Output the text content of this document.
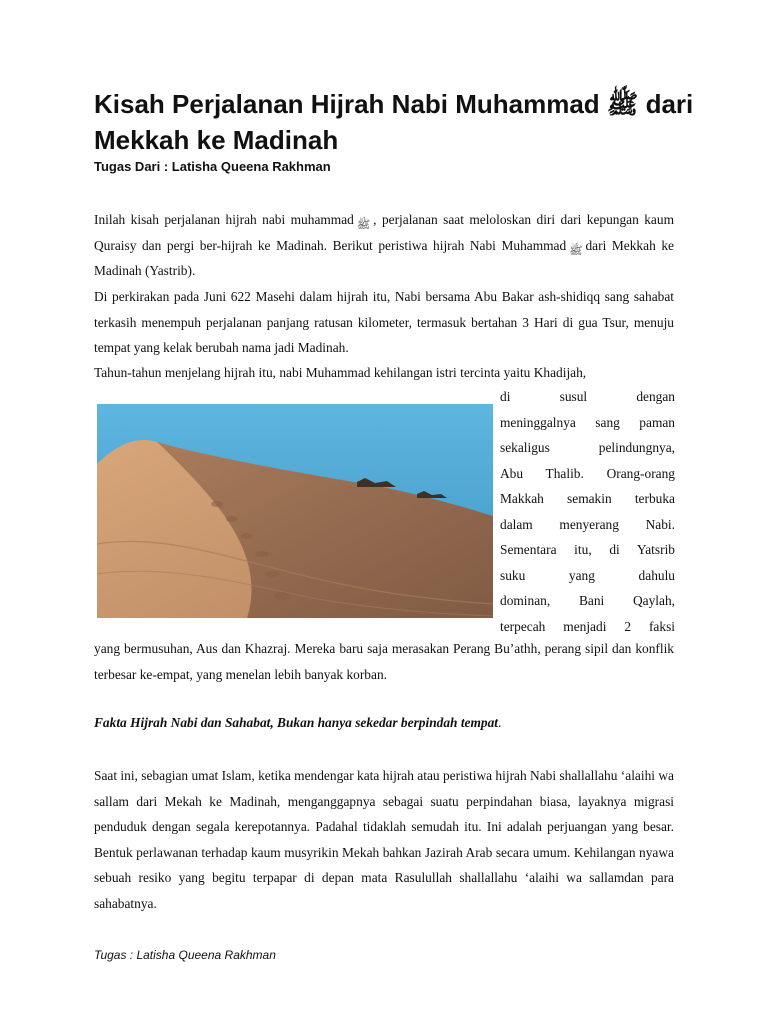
Kisah Perjalanan Hijrah Nabi Muhammad ﷺ dari Mekkah ke Madinah
Tugas Dari : Latisha Queena Rakhman

Inilah kisah perjalanan hijrah nabi muhammad ﷺ , perjalanan saat meloloskan diri dari kepungan kaum Quraisy dan pergi ber-hijrah ke Madinah. Berikut peristiwa hijrah Nabi Muhammad ﷺ dari Mekkah ke Madinah (Yastrib).

Di perkirakan pada Juni 622 Masehi dalam hijrah itu, Nabi bersama Abu Bakar ash-shidiqq sang sahabat terkasih menempuh perjalanan panjang ratusan kilometer, termasuk bertahan 3 Hari di gua Tsur, menuju tempat yang kelak berubah nama jadi Madinah.

Tahun-tahun menjelang hijrah itu, nabi Muhammad kehilangan istri tercinta yaitu Khadijah,

di susul dengan
meninggalnya sang paman
sekaligus pelindungnya,
Abu Thalib. Orang-orang
Makkah semakin terbuka
dalam menyerang Nabi.
Sementara itu, di Yatsrib
suku yang dahulu
dominan, Bani Qaylah,
terpecah menjadi 2 faksi

yang bermusuhan, Aus dan Khazraj. Mereka baru saja merasakan Perang Bu’athh, perang sipil dan konflik terbesar ke-empat, yang menelan lebih banyak korban.

Fakta Hijrah Nabi dan Sahabat, Bukan hanya sekedar berpindah tempat.

Saat ini, sebagian umat Islam, ketika mendengar kata hijrah atau peristiwa hijrah Nabi shallallahu ‘alaihi wa sallam dari Mekah ke Madinah, menganggapnya sebagai suatu perpindahan biasa, layaknya migrasi penduduk dengan segala kerepotannya. Padahal tidaklah semudah itu. Ini adalah perjuangan yang besar. Bentuk perlawanan terhadap kaum musyrikin Mekah bahkan Jazirah Arab secara umum. Kehilangan nyawa sebuah resiko yang begitu terpapar di depan mata Rasulullah shallallahu ‘alaihi wa sallamdan para sahabatnya.

Tugas : Latisha Queena Rakhman
